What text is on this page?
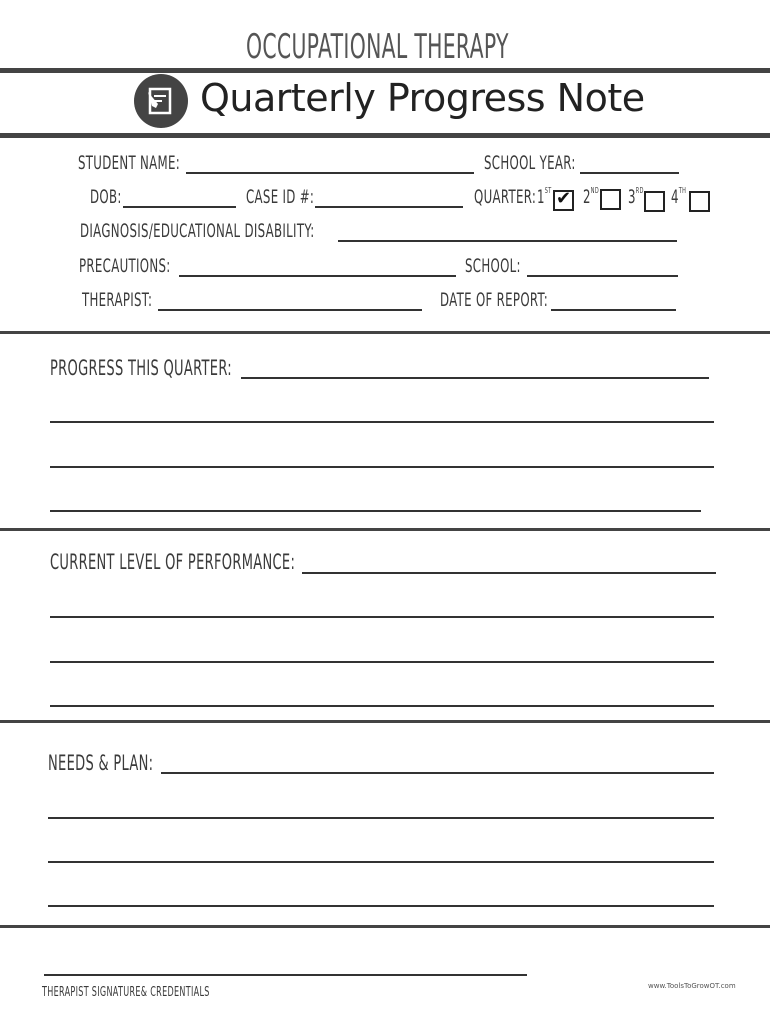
OCCUPATIONAL THERAPY
Quarterly Progress Note
STUDENT NAME:	SCHOOL YEAR:
DOB:	CASE ID #:	QUARTER: 1ST ✔ 2ND	3RD	4TH
DIAGNOSIS/EDUCATIONAL DISABILITY:
PRECAUTIONS:	SCHOOL:
THERAPIST:	DATE OF REPORT:
PROGRESS THIS QUARTER:
CURRENT LEVEL OF PERFORMANCE:
NEEDS & PLAN:
THERAPIST SIGNATURE& CREDENTIALS	www.ToolsToGrowOT.com
